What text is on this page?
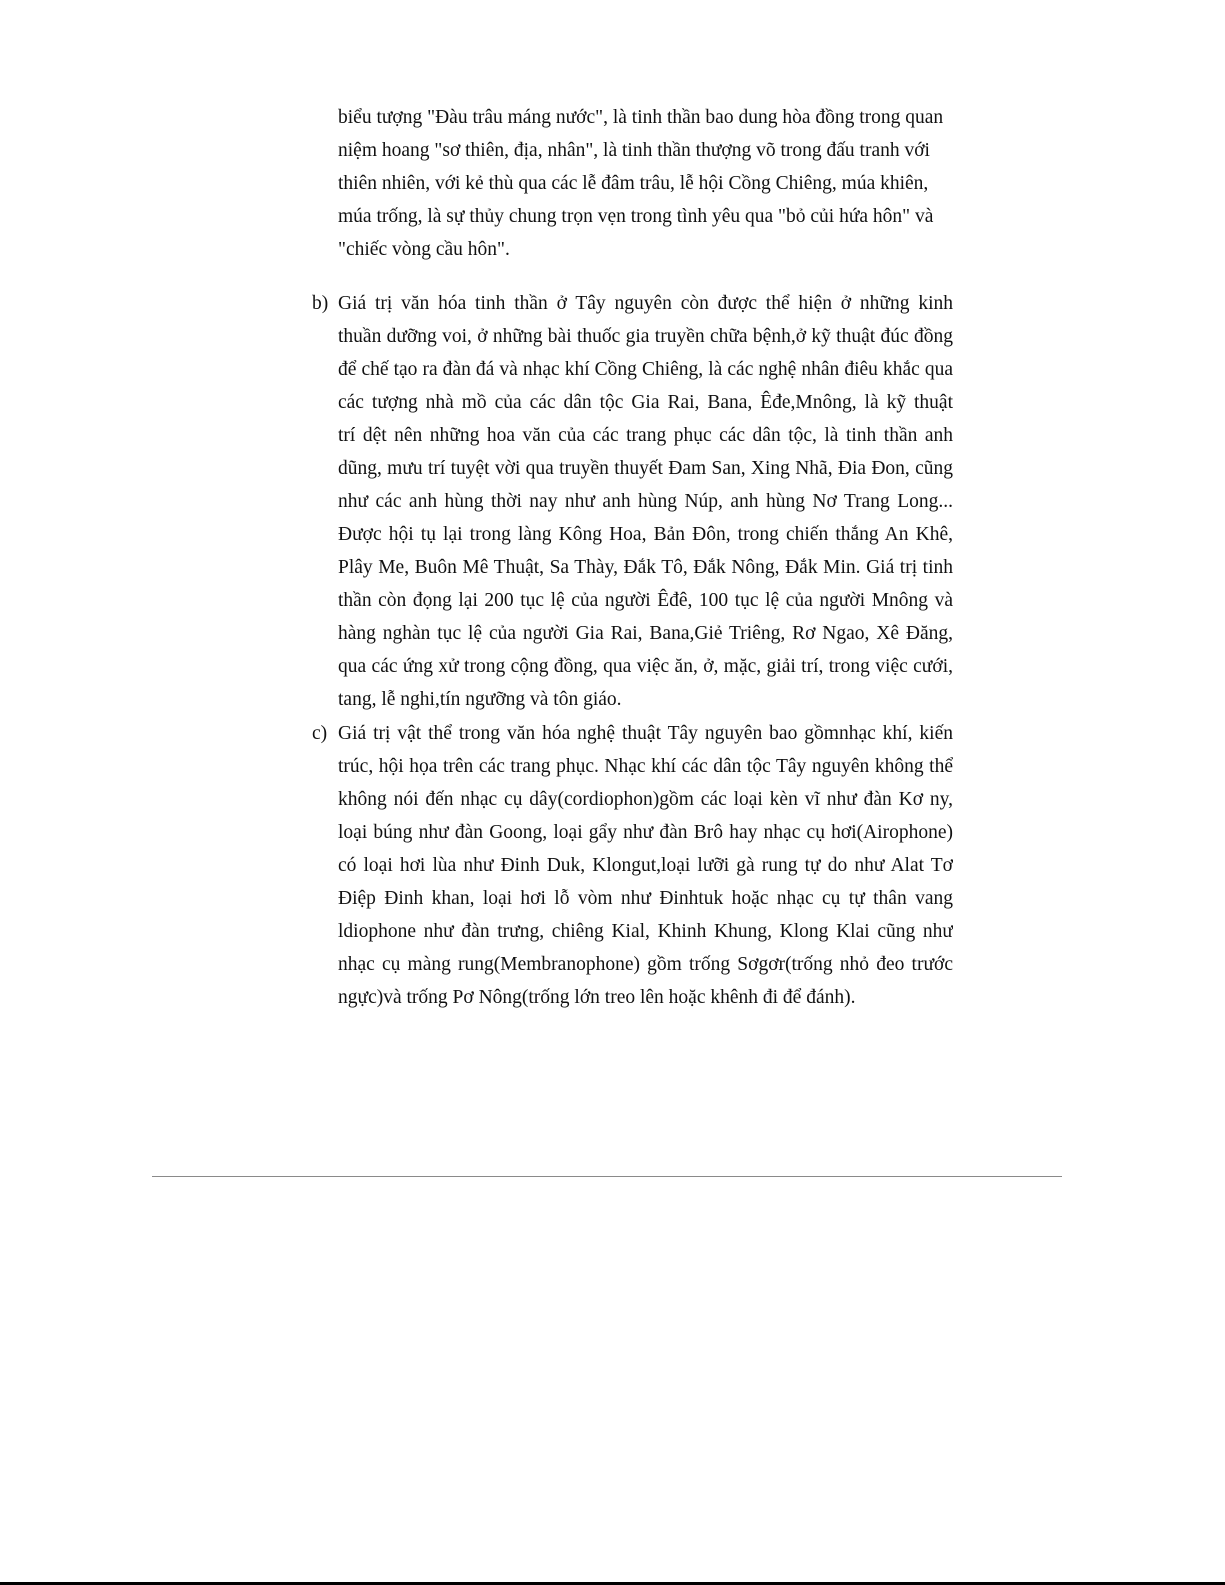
biểu tượng "Đàu trâu máng nước", là tinh thần bao dung hòa đồng trong quan
niệm hoang "sơ thiên, địa, nhân", là tinh thần thượng võ trong đấu tranh với
thiên nhiên, với kẻ thù qua các lễ đâm trâu, lễ hội Cồng Chiêng, múa khiên,
múa trống, là sự thủy chung trọn vẹn trong tình yêu qua "bỏ củi hứa hôn" và
"chiếc vòng cầu hôn".
b) Giá trị văn hóa tinh thần ở Tây nguyên còn được thể hiện ở những kinh
thuần dưỡng voi, ở những bài thuốc gia truyền chữa bệnh,ở kỹ thuật đúc đồng
để chế tạo ra đàn đá và nhạc khí Cồng Chiêng, là các nghệ nhân điêu khắc qua
các tượng nhà mồ của các dân tộc Gia Rai, Bana, Êđe,Mnông, là kỹ thuật
trí dệt nên những hoa văn của các trang phục các dân tộc, là tinh thần anh
dũng, mưu trí tuyệt vời qua truyền thuyết Đam San, Xing Nhã, Đia Đon, cũng
như các anh hùng thời nay như anh hùng Núp, anh hùng Nơ Trang Long...
Được hội tụ lại trong làng Kông Hoa, Bản Đôn, trong chiến thắng An Khê,
Plây Me, Buôn Mê Thuật, Sa Thày, Đắk Tô, Đắk Nông, Đắk Min. Giá trị tinh
thần còn đọng lại 200 tục lệ của người Êđê, 100 tục lệ của người Mnông và
hàng nghàn tục lệ của người Gia Rai, Bana,Giẻ Triêng, Rơ Ngao, Xê Đăng,
qua các ứng xử trong cộng đồng, qua việc ăn, ở, mặc, giải trí, trong việc cưới,
tang, lễ nghi,tín ngưỡng và tôn giáo.
c) Giá trị vật thể trong văn hóa nghệ thuật Tây nguyên bao gồmnhạc khí, kiến
trúc, hội họa trên các trang phục. Nhạc khí các dân tộc Tây nguyên không thể
không nói đến nhạc cụ dây(cordiophon)gồm các loại kèn vĩ như đàn Kơ ny,
loại búng như đàn Goong, loại gẩy như đàn Brô hay nhạc cụ hơi(Airophone)
có loại hơi lùa như Đinh Duk, Klongut,loại lưỡi gà rung tự do như Alat Tơ
Điệp Đinh khan, loại hơi lỗ vòm như Đinhtuk hoặc nhạc cụ tự thân vang
ldiophone như đàn trưng, chiêng Kial, Khinh Khung, Klong Klai cũng như
nhạc cụ màng rung(Membranophone) gồm trống Sơgơr(trống nhỏ đeo trước
ngực)và trống Pơ Nông(trống lớn treo lên hoặc khênh đi để đánh).
